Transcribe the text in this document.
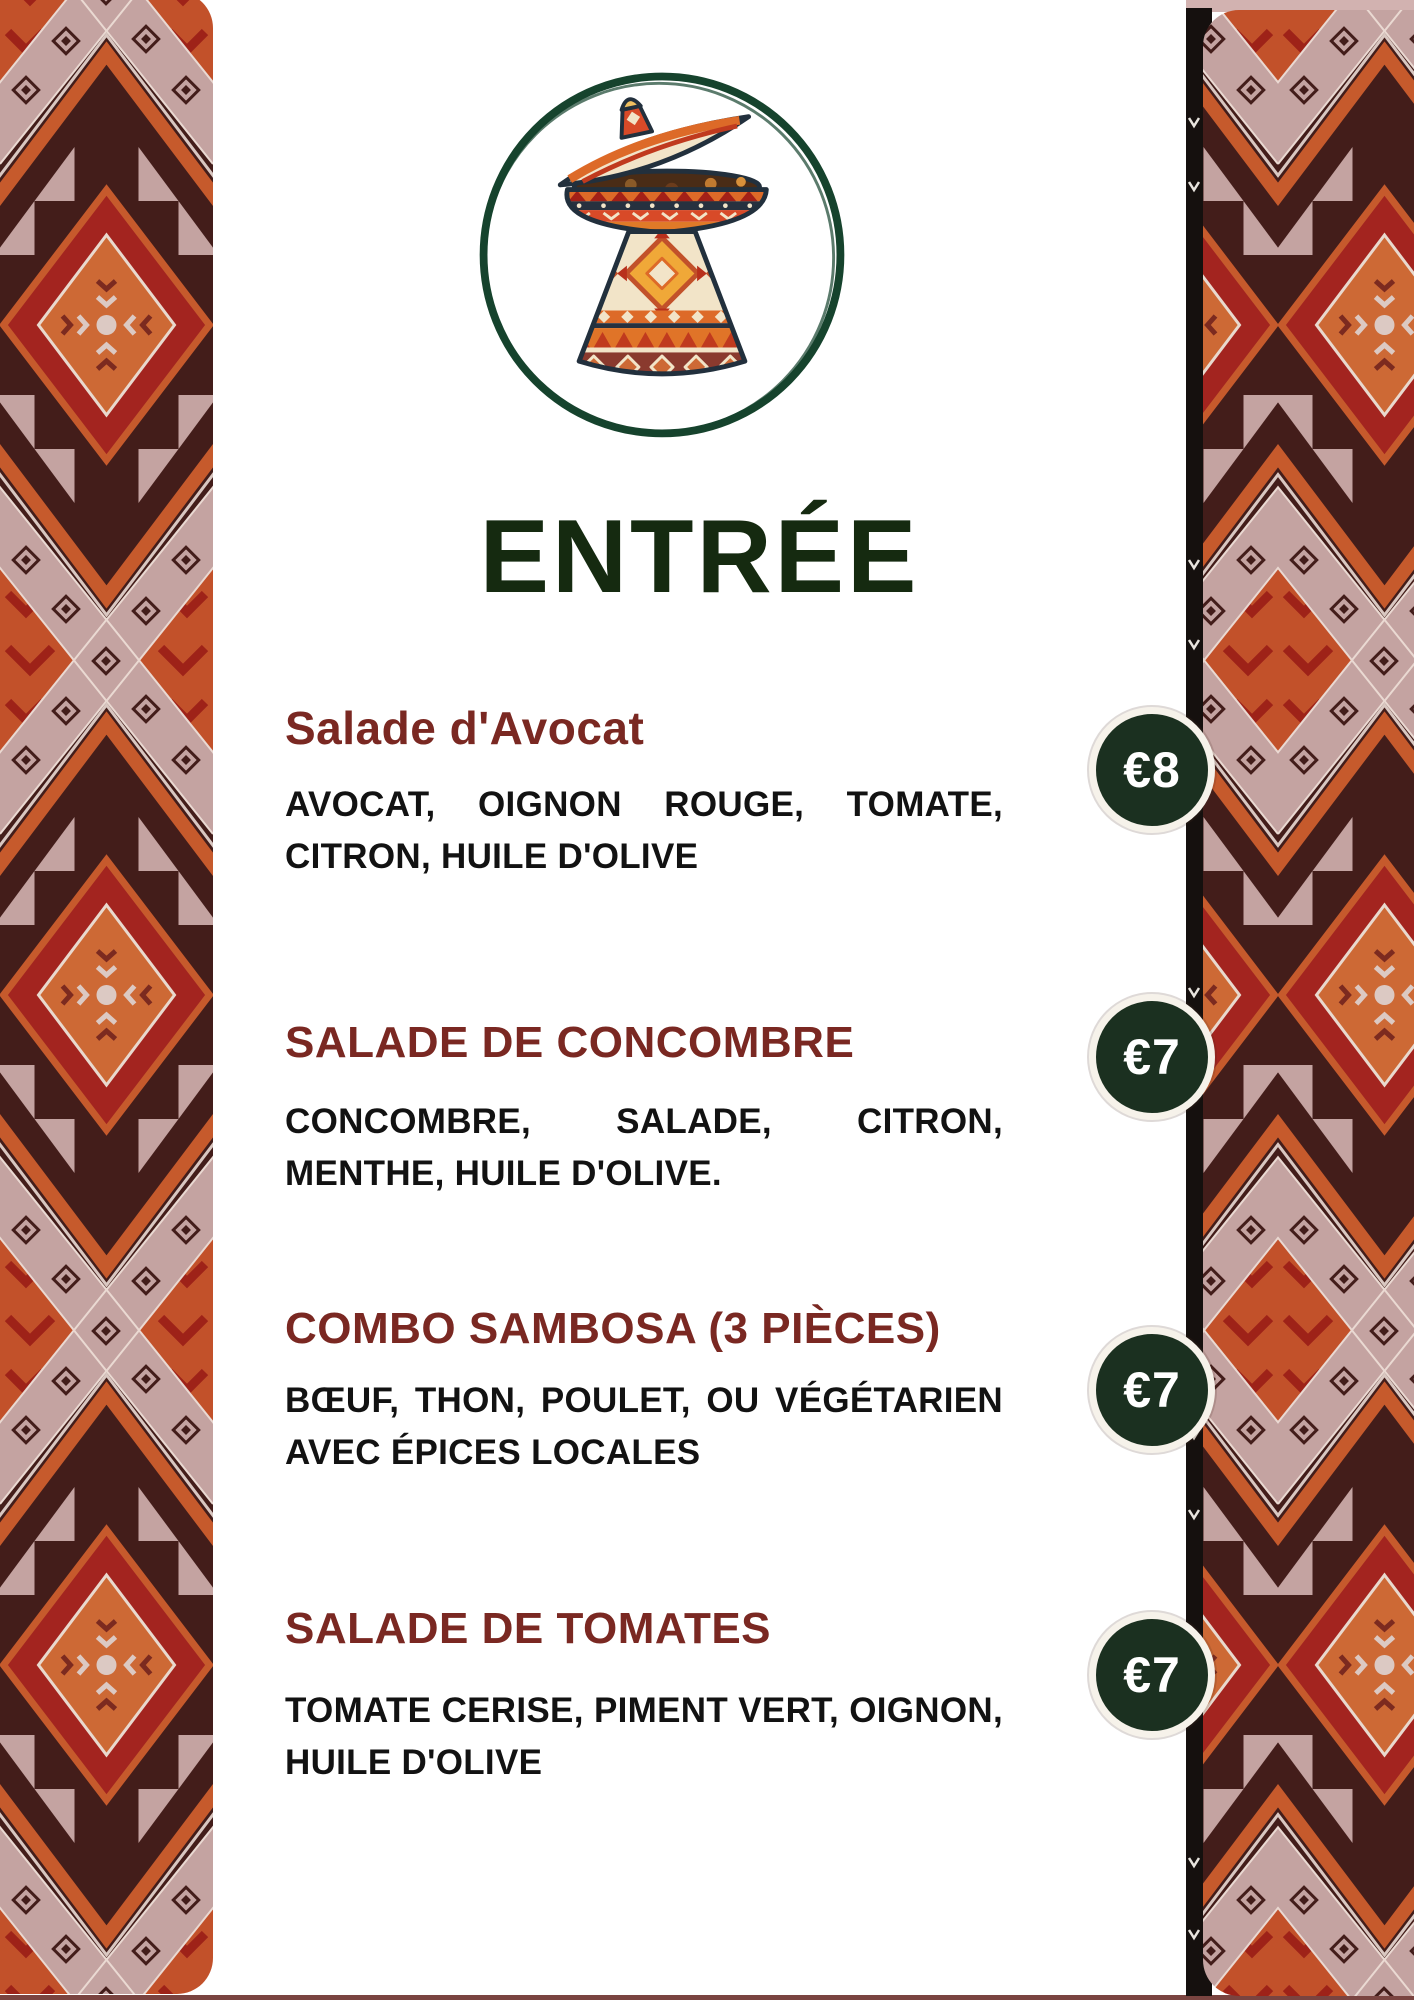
ENTRÉE
Salade d'Avocat

AVOCAT, OIGNON ROUGE, TOMATE, CITRON, HUILE D'OLIVE

SALADE DE CONCOMBRE

CONCOMBRE, SALADE, CITRON, MENTHE, HUILE D'OLIVE.

COMBO SAMBOSA (3 PIÈCES)

BŒUF, THON, POULET, OU VÉGÉTARIEN AVEC ÉPICES LOCALES

SALADE DE TOMATES

TOMATE CERISE, PIMENT VERT, OIGNON, HUILE D'OLIVE

€8
€7
€7
€7
